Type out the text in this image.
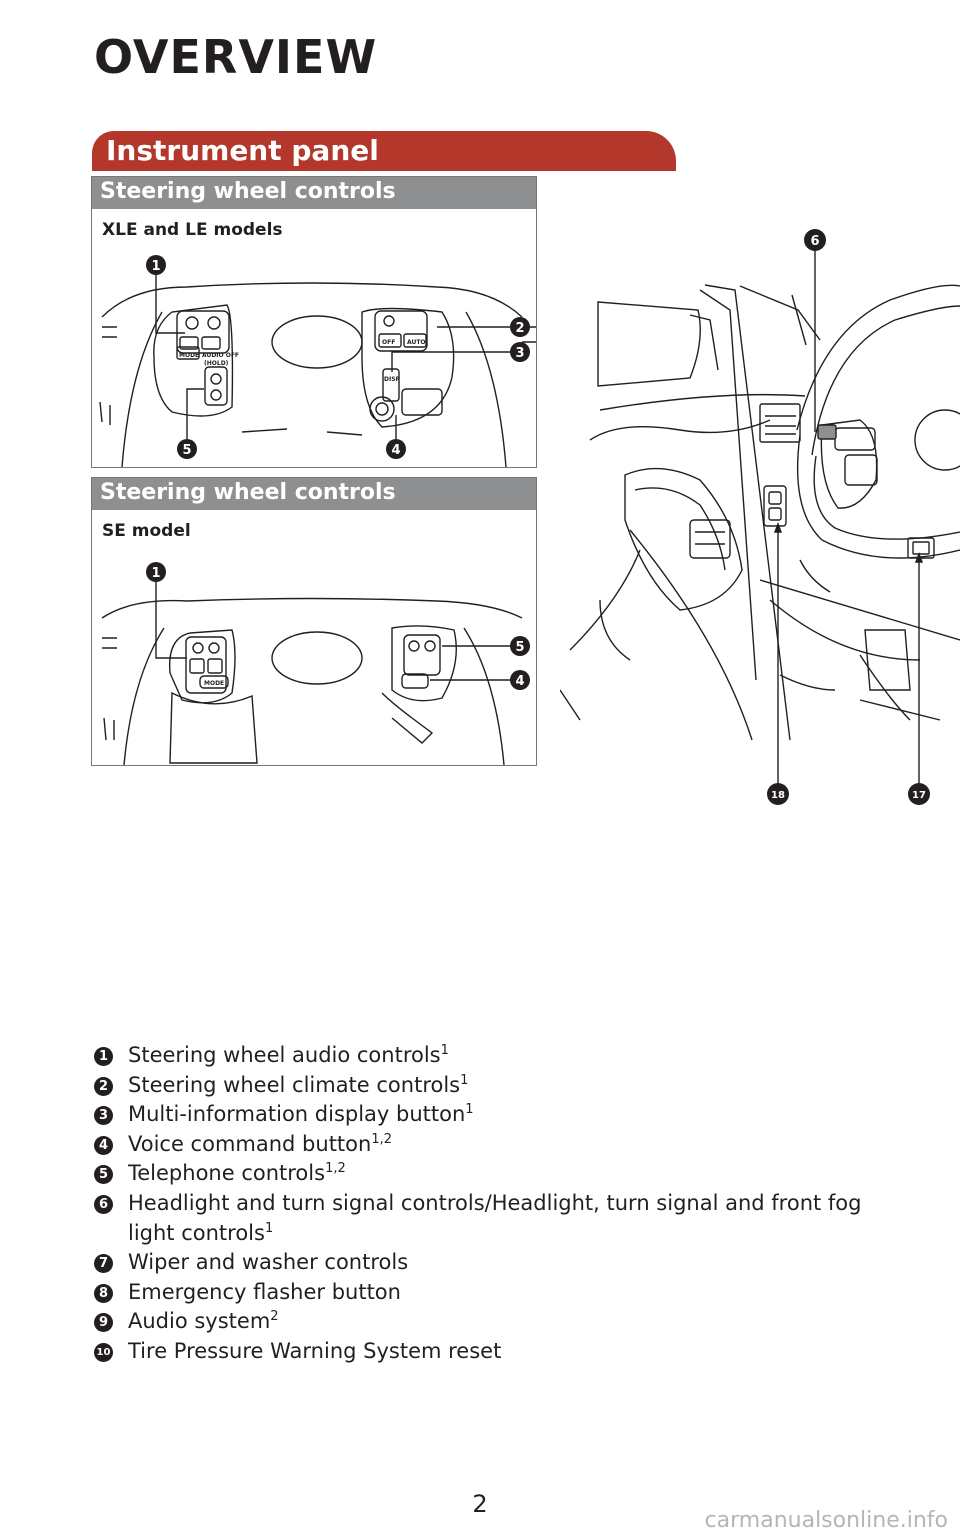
OVERVIEW
Instrument panel
Steering wheel controls
XLE and LE models
MODE AUDIO OFF
(HOLD)
OFF AUTO
DISP
1
2
3
5	4
Steering wheel controls
SE model
MODE
1
5
4
6
18	17
1 Steering wheel audio controls$^1$
2 Steering wheel climate controls$^1$
3 Multi-information display button$^1$
4 Voice command button$^{1,2}$
5 Telephone controls$^{1,2}$
6 Headlight and turn signal controls/Headlight, turn signal and front fog
light controls$^1$
7 Wiper and washer controls
8 Emergency flasher button
9 Audio system$^2$
10 Tire Pressure Warning System reset
2
carmanualsonline.info
